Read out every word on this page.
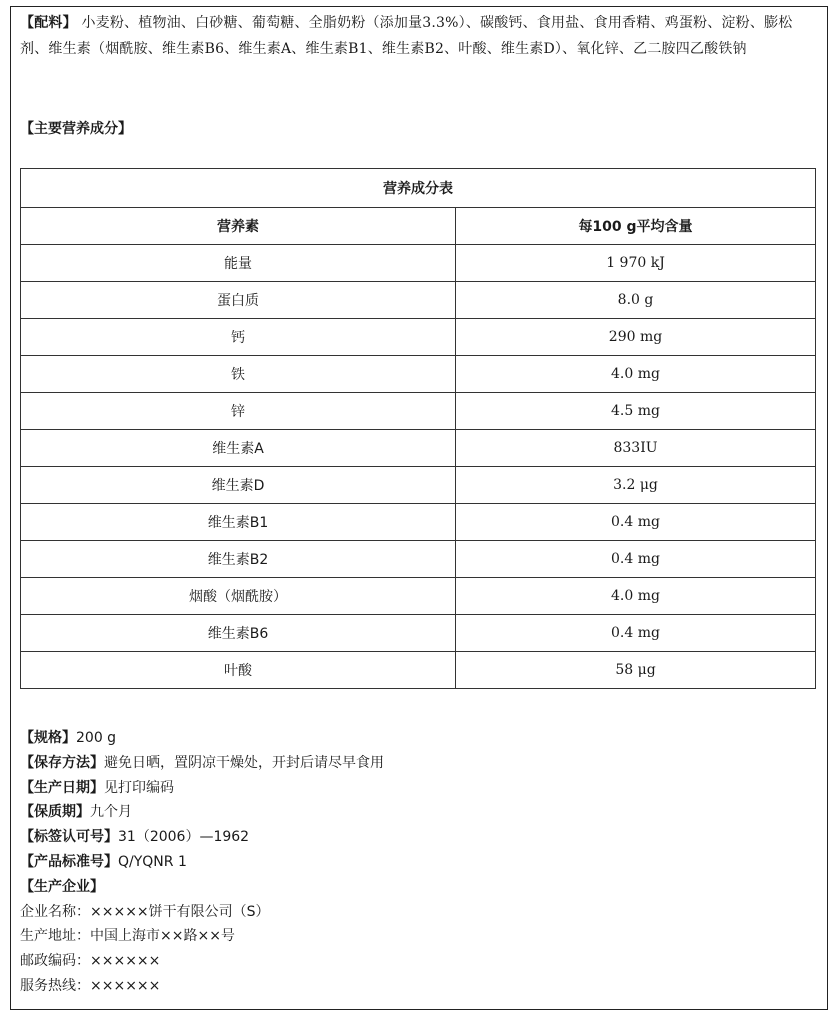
【配料】 小麦粉、植物油、白砂糖、葡萄糖、全脂奶粉（添加量3.3%）、碳酸钙、食用盐、食用香精、鸡蛋粉、淀粉、膨松剂、维生素（烟酰胺、维生素B6、维生素A、维生素B1、维生素B2、叶酸、维生素D）、氧化锌、乙二胺四乙酸铁钠
【主要营养成分】
营养成分表	
营养素	每100 g平均含量
能量	1 970 kJ
蛋白质	8.0 g
钙	290 mg
铁	4.0 mg
锌	4.5 mg
维生素A	833IU
维生素D	3.2 μg
维生素B1	0.4 mg
维生素B2	0.4 mg
烟酸（烟酰胺）	4.0 mg
维生素B6	0.4 mg
叶酸	58 μg
【规格】200 g
【保存方法】避免日晒，置阴凉干燥处，开封后请尽早食用
【生产日期】见打印编码
【保质期】九个月
【标签认可号】31（2006）—1962
【产品标准号】Q/YQNR 1
【生产企业】
企业名称：×××××饼干有限公司（S）
生产地址：中国上海市××路××号
邮政编码：××××××
服务热线：××××××
